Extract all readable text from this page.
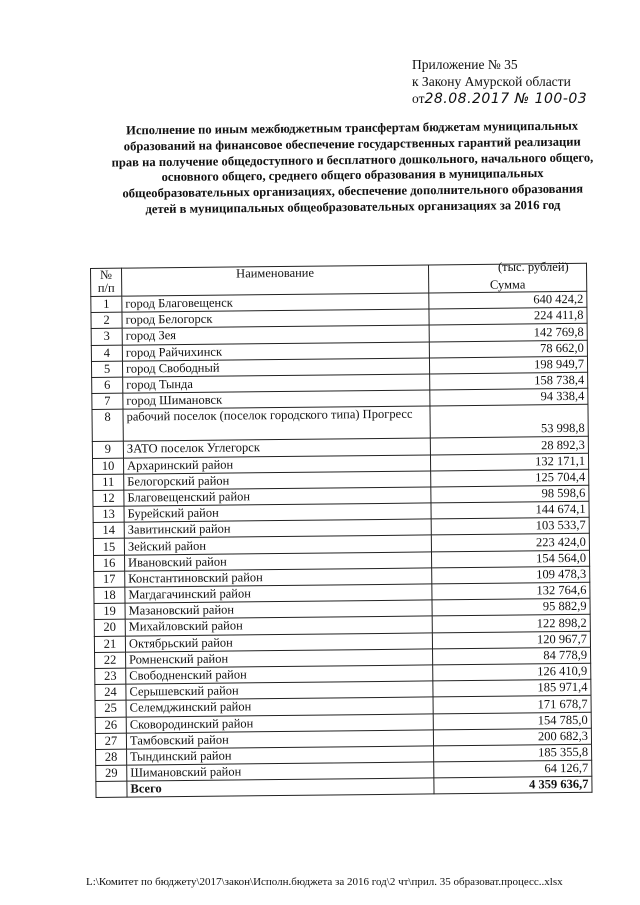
Приложение № 35
к Закону Амурской области
от28.08.2017 № 100-03
Исполнение по иным межбюджетным трансфертам бюджетам муниципальных образований на финансовое обеспечение государственных гарантий реализации прав на получение общедоступного и бесплатного дошкольного, начального общего, основного общего, среднего общего образования в муниципальных общеобразовательных организациях, обеспечение дополнительного образования детей в муниципальных общеобразовательных организациях за 2016 год
(тыс. рублей)
№ п/п	Наименование	Сумма
1	город Благовещенск	640 424,2
2	город Белогорск	224 411,8
3	город Зея	142 769,8
4	город Райчихинск	78 662,0
5	город Свободный	198 949,7
6	город Тында	158 738,4
7	город Шимановск	94 338,4
8	рабочий поселок (поселок городского типа) Прогресс	53 998,8
9	ЗАТО поселок Углегорск	28 892,3
10	Архаринский район	132 171,1
11	Белогорский район	125 704,4
12	Благовещенский район	98 598,6
13	Бурейский район	144 674,1
14	Завитинский район	103 533,7
15	Зейский район	223 424,0
16	Ивановский район	154 564,0
17	Константиновский район	109 478,3
18	Магдагачинский район	132 764,6
19	Мазановский район	95 882,9
20	Михайловский район	122 898,2
21	Октябрьский район	120 967,7
22	Ромненский район	84 778,9
23	Свободненский район	126 410,9
24	Серышевский район	185 971,4
25	Селемджинский район	171 678,7
26	Сковородинский район	154 785,0
27	Тамбовский район	200 682,3
28	Тындинский район	185 355,8
29	Шимановский район	64 126,7
	Всего	4 359 636,7
L:\Комитет по бюджету\2017\закон\Исполн.бюджета за 2016 год\2 чт\прил. 35 образоват.процесс..xlsx
